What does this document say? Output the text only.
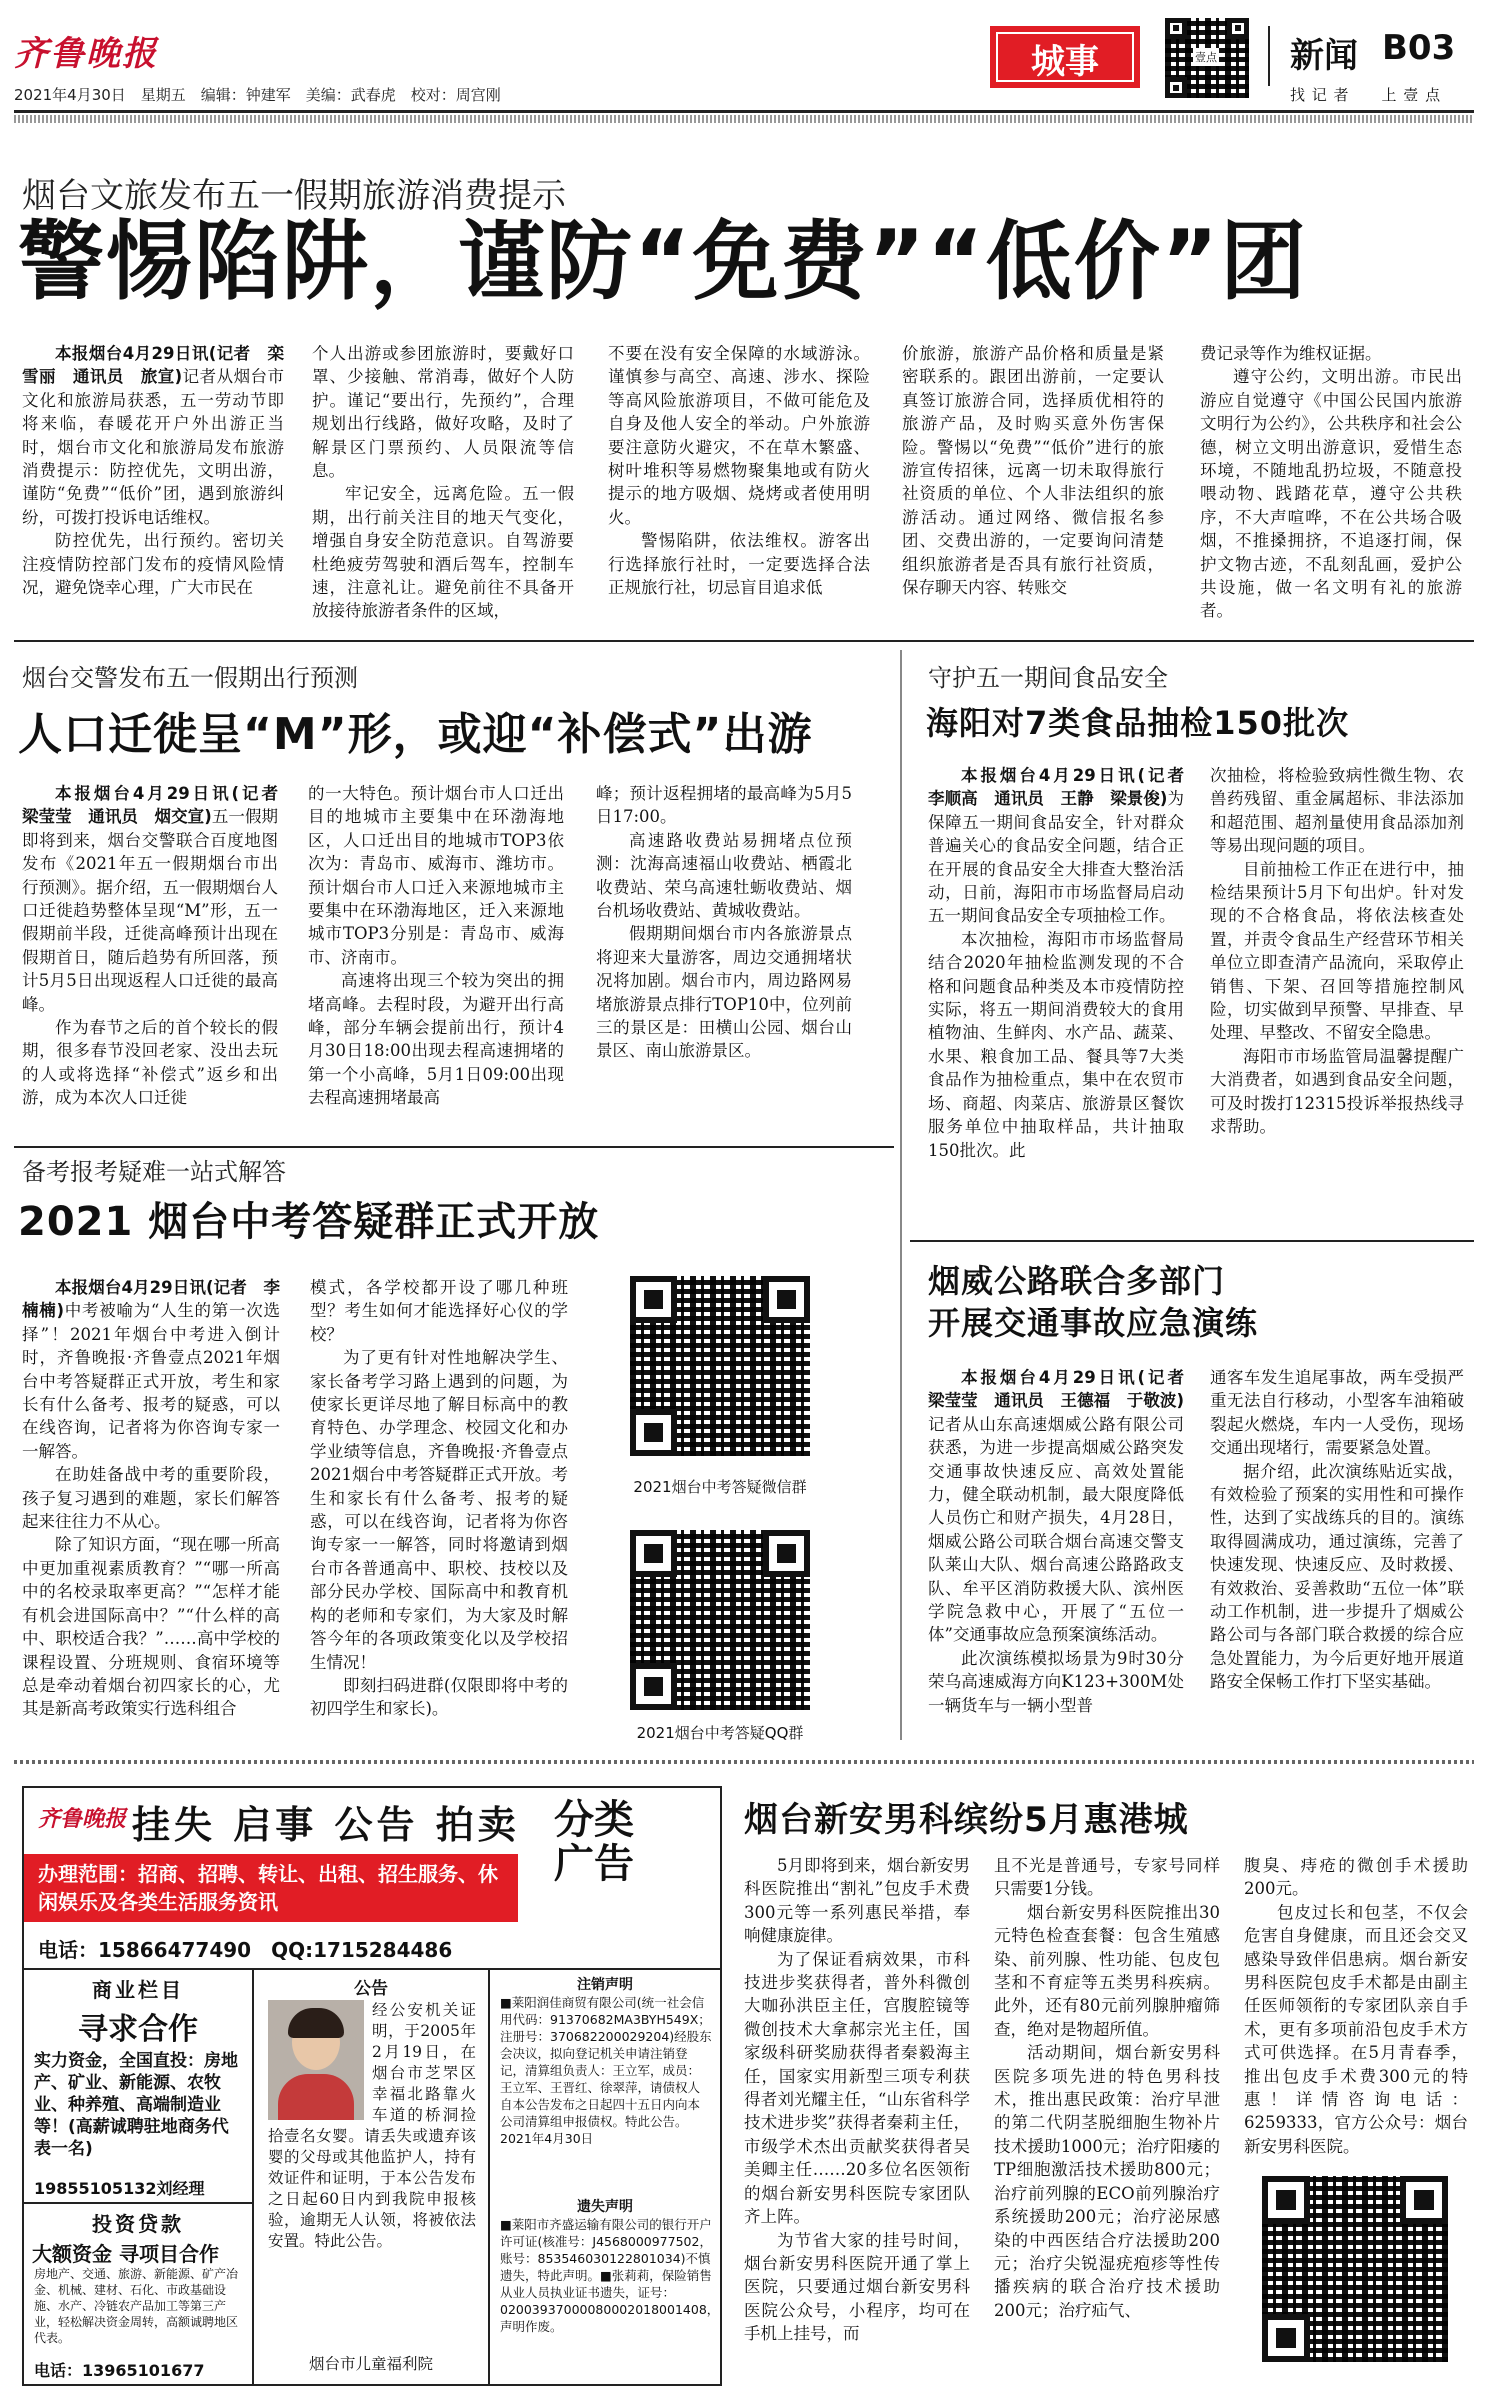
齐鲁晚报
2021年4月30日　星期五　编辑：钟建军　美编：武春虎　校对：周宫刚
城事	壹点 新闻 B03
找 记 者　　上 壹 点
烟台文旅发布五一假期旅游消费提示
警惕陷阱，谨防“免费”“低价”团

本报烟台4月29日讯(记者　栾雪丽　通讯员　旅宣)记者从烟台市文化和旅游局获悉，五一劳动节即将来临，春暖花开户外出游正当时，烟台市文化和旅游局发布旅游消费提示：防控优先，文明出游，谨防“免费”“低价”团，遇到旅游纠纷，可拨打投诉电话维权。

防控优先，出行预约。密切关注疫情防控部门发布的疫情风险情况，避免饶幸心理，广大市民在

个人出游或参团旅游时，要戴好口罩、少接触、常消毒，做好个人防护。谨记“要出行，先预约”，合理规划出行线路，做好攻略，及时了解景区门票预约、人员限流等信息。

牢记安全，远离危险。五一假期，出行前关注目的地天气变化，增强自身安全防范意识。自驾游要杜绝疲劳驾驶和酒后驾车，控制车速，注意礼让。避免前往不具备开放接待旅游者条件的区域，

不要在没有安全保障的水域游泳。谨慎参与高空、高速、涉水、探险等高风险旅游项目，不做可能危及自身及他人安全的举动。户外旅游要注意防火避灾，不在草木繁盛、树叶堆积等易燃物聚集地或有防火提示的地方吸烟、烧烤或者使用明火。

警惕陷阱，依法维权。游客出行选择旅行社时，一定要选择合法正规旅行社，切忌盲目追求低

价旅游，旅游产品价格和质量是紧密联系的。跟团出游前，一定要认真签订旅游合同，选择质优相符的旅游产品，及时购买意外伤害保险。警惕以“免费”“低价”进行的旅游宣传招徕，远离一切未取得旅行社资质的单位、个人非法组织的旅游活动。通过网络、微信报名参团、交费出游的，一定要询问清楚组织旅游者是否具有旅行社资质，保存聊天内容、转账交

费记录等作为维权证据。

遵守公约，文明出游。市民出游应自觉遵守《中国公民国内旅游文明行为公约》，公共秩序和社会公德，树立文明出游意识，爱惜生态环境，不随地乱扔垃圾，不随意投喂动物、践踏花草，遵守公共秩序，不大声喧哗，不在公共场合吸烟，不推搡拥挤，不追逐打闹，保护文物古迹，不乱刻乱画，爱护公共设施，做一名文明有礼的旅游者。

烟台交警发布五一假期出行预测
人口迁徙呈“M”形，或迎“补偿式”出游

本报烟台4月29日讯(记者　梁莹莹　通讯员　烟交宣)五一假期即将到来，烟台交警联合百度地图发布《2021年五一假期烟台市出行预测》。据介绍，五一假期烟台人口迁徙趋势整体呈现“M”形，五一假期前半段，迁徙高峰预计出现在假期首日，随后趋势有所回落，预计5月5日出现返程人口迁徙的最高峰。

作为春节之后的首个较长的假期，很多春节没回老家、没出去玩的人或将选择“补偿式”返乡和出游，成为本次人口迁徙

的一大特色。预计烟台市人口迁出目的地城市主要集中在环渤海地区，人口迁出目的地城市TOP3依次为：青岛市、威海市、潍坊市。预计烟台市人口迁入来源地城市主要集中在环渤海地区，迁入来源地城市TOP3分别是：青岛市、威海市、济南市。

高速将出现三个较为突出的拥堵高峰。去程时段，为避开出行高峰，部分车辆会提前出行，预计4月30日18:00出现去程高速拥堵的第一个小高峰，5月1日09:00出现去程高速拥堵最高

峰；预计返程拥堵的最高峰为5月5日17:00。

高速路收费站易拥堵点位预测：沈海高速福山收费站、栖霞北收费站、荣乌高速牡蛎收费站、烟台机场收费站、黄城收费站。

假期期间烟台市内各旅游景点将迎来大量游客，周边交通拥堵状况将加剧。烟台市内，周边路网易堵旅游景点排行TOP10中，位列前三的景区是：田横山公园、烟台山景区、南山旅游景区。

守护五一期间食品安全
海阳对7类食品抽检150批次

本报烟台4月29日讯(记者　李顺高　通讯员　王静　梁景俊)为保障五一期间食品安全，针对群众普遍关心的食品安全问题，结合正在开展的食品安全大排查大整治活动，日前，海阳市市场监督局启动五一期间食品安全专项抽检工作。

本次抽检，海阳市市场监督局结合2020年抽检监测发现的不合格和问题食品种类及本市疫情防控实际，将五一期间消费较大的食用植物油、生鲜肉、水产品、蔬菜、水果、粮食加工品、餐具等7大类食品作为抽检重点，集中在农贸市场、商超、肉菜店、旅游景区餐饮服务单位中抽取样品，共计抽取150批次。此

次抽检，将检验致病性微生物、农兽药残留、重金属超标、非法添加和超范围、超剂量使用食品添加剂等易出现问题的项目。

目前抽检工作正在进行中，抽检结果预计5月下旬出炉。针对发现的不合格食品，将依法核查处置，并责令食品生产经营环节相关单位立即查清产品流向，采取停止销售、下架、召回等措施控制风险，切实做到早预警、早排查、早处理、早整改、不留安全隐患。

海阳市市场监管局温馨提醒广大消费者，如遇到食品安全问题，可及时拨打12315投诉举报热线寻求帮助。

备考报考疑难一站式解答
2021 烟台中考答疑群正式开放

本报烟台4月29日讯(记者　李楠楠)中考被喻为“人生的第一次选择”！2021年烟台中考进入倒计时，齐鲁晚报·齐鲁壹点2021年烟台中考答疑群正式开放，考生和家长有什么备考、报考的疑惑，可以在线咨询，记者将为你咨询专家一一解答。

在助娃备战中考的重要阶段，孩子复习遇到的难题，家长们解答起来往往力不从心。

除了知识方面，“现在哪一所高中更加重视素质教育？”“哪一所高中的名校录取率更高？”“怎样才能有机会进国际高中？”“什么样的高中、职校适合我？”……高中学校的课程设置、分班规则、食宿环境等总是牵动着烟台初四家长的心，尤其是新高考政策实行选科组合

模式，各学校都开设了哪几种班型？考生如何才能选择好心仪的学校？

为了更有针对性地解决学生、家长备考学习路上遇到的问题，为使家长更详尽地了解目标高中的教育特色、办学理念、校园文化和办学业绩等信息，齐鲁晚报·齐鲁壹点2021烟台中考答疑群正式开放。考生和家长有什么备考、报考的疑惑，可以在线咨询，记者将为你咨询专家一一解答，同时将邀请到烟台市各普通高中、职校、技校以及部分民办学校、国际高中和教育机构的老师和专家们，为大家及时解答今年的各项政策变化以及学校招生情况！

即刻扫码进群(仅限即将中考的初四学生和家长)。

2021烟台中考答疑微信群
2021烟台中考答疑QQ群
烟威公路联合多部门
开展交通事故应急演练

本报烟台4月29日讯(记者　梁莹莹　通讯员　王德福　于敬波)记者从山东高速烟威公路有限公司获悉，为进一步提高烟威公路突发交通事故快速反应、高效处置能力，健全联动机制，最大限度降低人员伤亡和财产损失，4月28日，烟威公路公司联合烟台高速交警支队莱山大队、烟台高速公路路政支队、牟平区消防救援大队、滨州医学院急救中心，开展了“五位一体”交通事故应急预案演练活动。

此次演练模拟场景为9时30分荣乌高速威海方向K123+300M处一辆货车与一辆小型普

通客车发生追尾事故，两车受损严重无法自行移动，小型客车油箱破裂起火燃烧，车内一人受伤，现场交通出现堵行，需要紧急处置。

据介绍，此次演练贴近实战，有效检验了预案的实用性和可操作性，达到了实战练兵的目的。演练取得圆满成功，通过演练，完善了快速发现、快速反应、及时救援、有效救治、妥善救助“五位一体”联动工作机制，进一步提升了烟威公路公司与各部门联合救援的综合应急处置能力，为今后更好地开展道路安全保畅工作打下坚实基础。

齐鲁晚报 挂失 启事 公告 拍卖 分类广告
办理范围：招商、招聘、转让、出租、招生服务、休闲娱乐及各类生活服务资讯
电话：15866477490　QQ:1715284486
商业栏目
寻求合作
实力资金，全国直投：房地产、矿业、新能源、农牧业、种养殖、高端制造业等！(高薪诚聘驻地商务代表一名)
19855105132刘经理
投资贷款
大额资金 寻项目合作
房地产、交通、旅游、新能源、矿产冶金、机械、建材、石化、市政基础设施、水产、冷链农产品加工等第三产业，轻松解决资金周转，高额诚聘地区代表。
电话：13965101677
公告
经公安机关证明，于2005年2月19日，在烟台市芝罘区幸福北路靠火车道的桥洞捡拾壹名女婴。请丢失或遗弃该婴的父母或其他监护人，持有效证件和证明，于本公告发布之日起60日内到我院申报核验，逾期无人认领，将被依法安置。特此公告。
烟台市儿童福利院
注销声明
■莱阳润佳商贸有限公司(统一社会信用代码：91370682MA3BYH549X；注册号：370682200029204)经股东会决议，拟向登记机关申请注销登记，清算组负责人：王立军，成员：王立军、王晋红、徐翠萍，请债权人自本公告发布之日起四十五日内向本公司清算组申报债权。特此公告。2021年4月30日
遗失声明
■莱阳市齐盛运输有限公司的银行开户许可证(核准号：J4568000977502，账号：853546030122801034)不慎遗失，特此声明。■张莉莉，保险销售从业人员执业证书遗失，证号：02003937000080002018001408，声明作废。
烟台新安男科缤纷5月惠港城

5月即将到来，烟台新安男科医院推出“割礼”包皮手术费300元等一系列惠民举措，奉响健康旋律。

为了保证看病效果，市科技进步奖获得者，普外科微创大咖孙洪臣主任，宫腹腔镜等微创技术大拿郝宗光主任，国家级科研奖励获得者秦毅海主任，国家实用新型三项专利获得者刘光耀主任，“山东省科学技术进步奖”获得者秦莉主任，市级学术杰出贡献奖获得者吴美卿主任……20多位名医领衔的烟台新安男科医院专家团队齐上阵。

为节省大家的挂号时间，烟台新安男科医院开通了掌上医院，只要通过烟台新安男科医院公众号，小程序，均可在手机上挂号，而

且不光是普通号，专家号同样只需要1分钱。

烟台新安男科医院推出30元特色检查套餐：包含生殖感染、前列腺、性功能、包皮包茎和不育症等五类男科疾病。此外，还有80元前列腺肿瘤筛查，绝对是物超所值。

活动期间，烟台新安男科医院多项先进的特色男科技术，推出惠民政策：治疗早泄的第二代阴茎脱细胞生物补片技术援助1000元；治疗阳痿的TP细胞激活技术援助800元；治疗前列腺的ECO前列腺治疗系统援助200元；治疗泌尿感染的中西医结合疗法援助200元；治疗尖锐湿疣疱疹等性传播疾病的联合治疗技术援助200元；治疗疝气、

腹臭、痔疮的微创手术援助200元。

包皮过长和包茎，不仅会危害自身健康，而且还会交叉感染导致伴侣患病。烟台新安男科医院包皮手术都是由副主任医师领衔的专家团队亲自手术，更有多项前沿包皮手术方式可供选择。在5月青春季，推出包皮手术费300元的特惠！详情咨询电话：6259333，官方公众号：烟台新安男科医院。
